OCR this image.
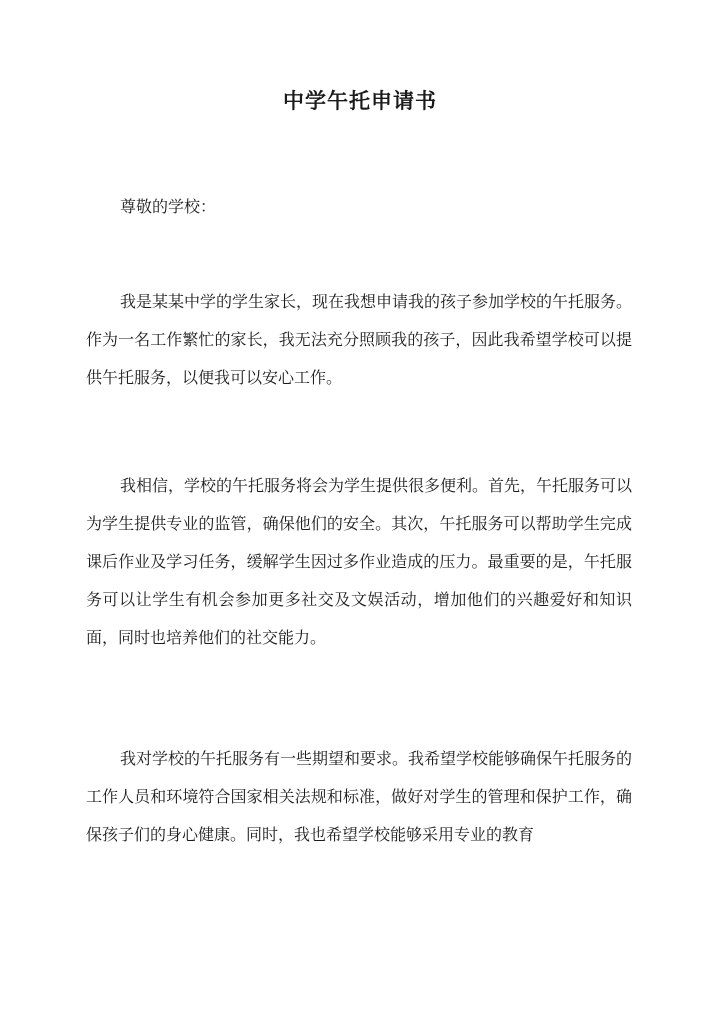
中学午托申请书
尊敬的学校：

我是某某中学的学生家长，现在我想申请我的孩子参加学校的午托服务。作为一名工作繁忙的家长，我无法充分照顾我的孩子，因此我希望学校可以提供午托服务，以便我可以安心工作。

我相信，学校的午托服务将会为学生提供很多便利。首先，午托服务可以为学生提供专业的监管，确保他们的安全。其次，午托服务可以帮助学生完成课后作业及学习任务，缓解学生因过多作业造成的压力。最重要的是，午托服务可以让学生有机会参加更多社交及文娱活动，增加他们的兴趣爱好和知识面，同时也培养他们的社交能力。

我对学校的午托服务有一些期望和要求。我希望学校能够确保午托服务的工作人员和环境符合国家相关法规和标准，做好对学生的管理和保护工作，确保孩子们的身心健康。同时，我也希望学校能够采用专业的教育
